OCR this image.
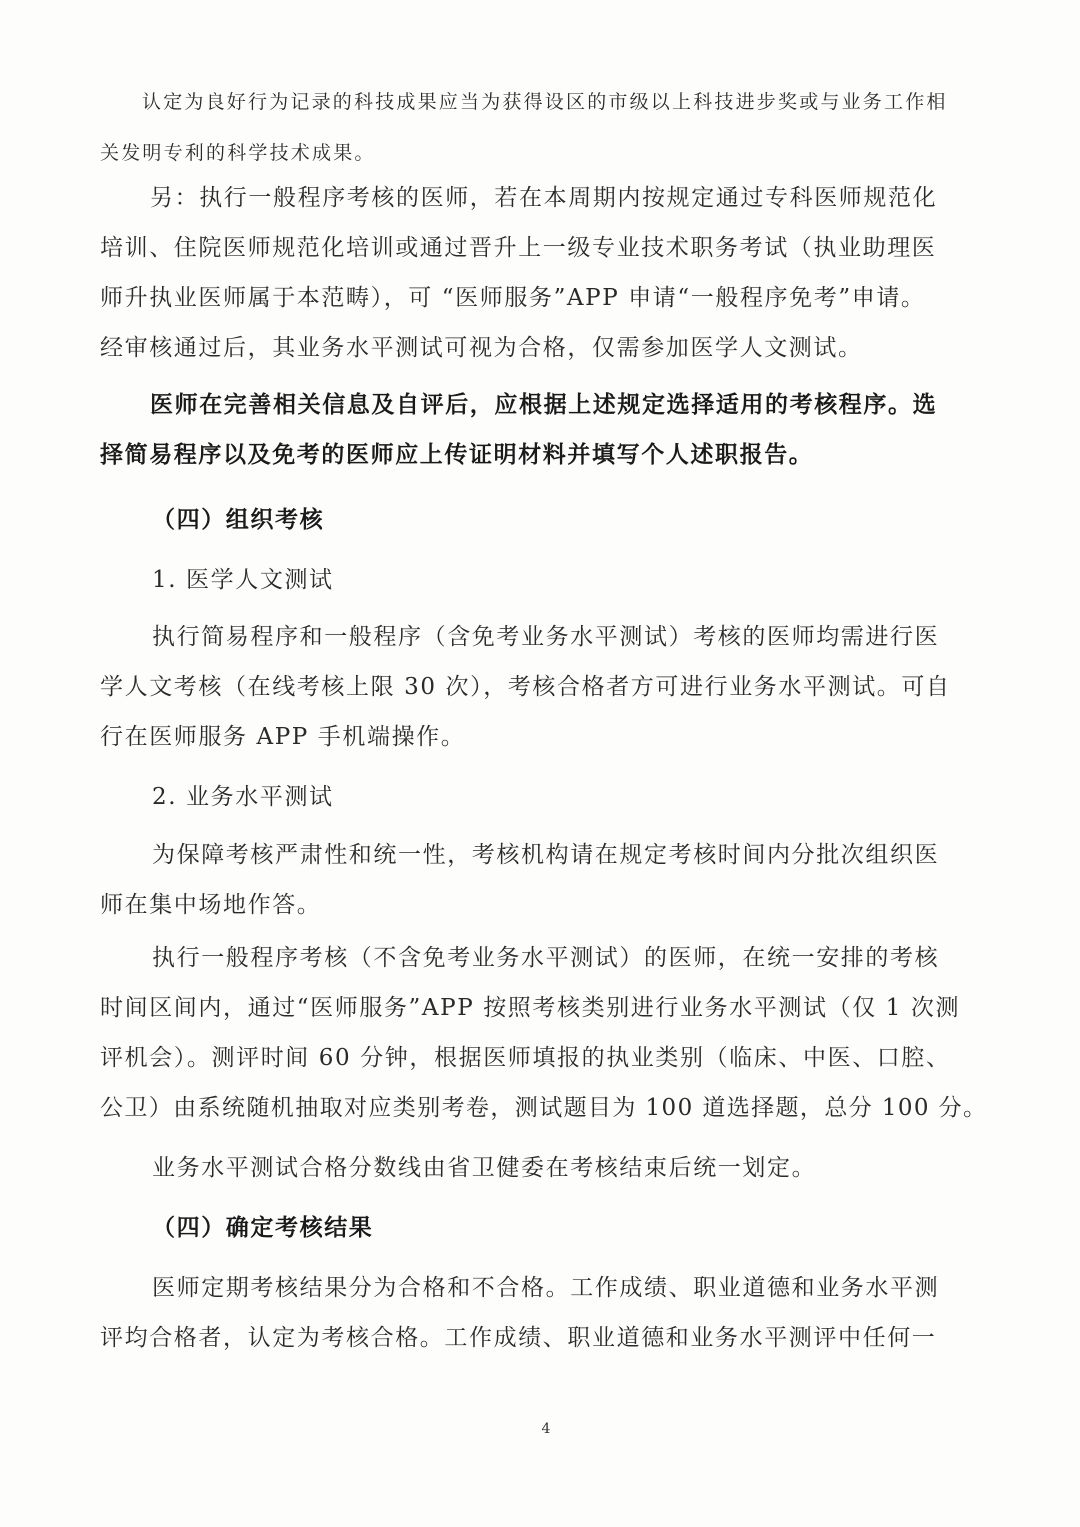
认定为良好行为记录的科技成果应当为获得设区的市级以上科技进步奖或与业务工作相
关发明专利的科学技术成果。
另：执行一般程序考核的医师，若在本周期内按规定通过专科医师规范化
培训、住院医师规范化培训或通过晋升上一级专业技术职务考试（执业助理医
师升执业医师属于本范畴），可 “医师服务”APP 申请“一般程序免考”申请。
经审核通过后，其业务水平测试可视为合格，仅需参加医学人文测试。
医师在完善相关信息及自评后，应根据上述规定选择适用的考核程序。选
择简易程序以及免考的医师应上传证明材料并填写个人述职报告。
（四）组织考核
1. 医学人文测试
执行简易程序和一般程序（含免考业务水平测试）考核的医师均需进行医
学人文考核（在线考核上限 30 次），考核合格者方可进行业务水平测试。可自
行在医师服务 APP 手机端操作。
2. 业务水平测试
为保障考核严肃性和统一性，考核机构请在规定考核时间内分批次组织医
师在集中场地作答。
执行一般程序考核（不含免考业务水平测试）的医师，在统一安排的考核
时间区间内，通过“医师服务”APP 按照考核类别进行业务水平测试（仅 1 次测
评机会）。测评时间 60 分钟，根据医师填报的执业类别（临床、中医、口腔、
公卫）由系统随机抽取对应类别考卷，测试题目为 100 道选择题，总分 100 分。
业务水平测试合格分数线由省卫健委在考核结束后统一划定。
（四）确定考核结果
医师定期考核结果分为合格和不合格。工作成绩、职业道德和业务水平测
评均合格者，认定为考核合格。工作成绩、职业道德和业务水平测评中任何一
4
